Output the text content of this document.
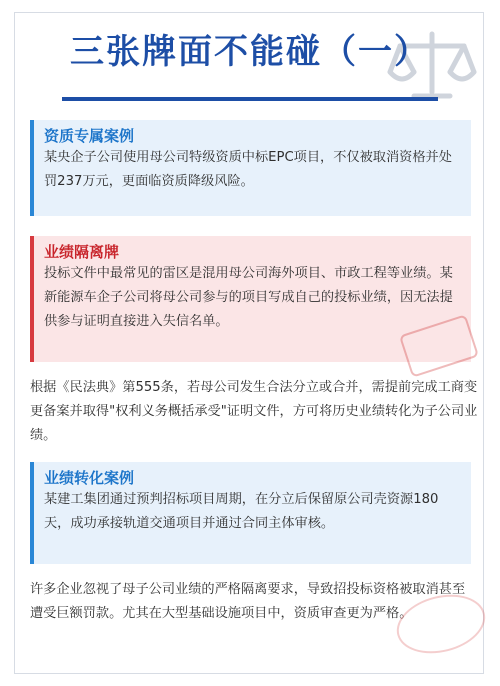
三张牌面不能碰（一）
资质专属案例

某央企子公司使用母公司特级资质中标EPC项目，不仅被取消资格并处罚237万元，更面临资质降级风险。

业绩隔离牌

投标文件中最常见的雷区是混用母公司海外项目、市政工程等业绩。某新能源车企子公司将母公司参与的项目写成自己的投标业绩，因无法提供参与证明直接进入失信名单。

根据《民法典》第555条，若母公司发生合法分立或合并，需提前完成工商变更备案并取得"权利义务概括承受"证明文件，方可将历史业绩转化为子公司业绩。

业绩转化案例

某建工集团通过预判招标项目周期，在分立后保留原公司壳资源180天，成功承接轨道交通项目并通过合同主体审核。

许多企业忽视了母子公司业绩的严格隔离要求，导致招投标资格被取消甚至遭受巨额罚款。尤其在大型基础设施项目中，资质审查更为严格。
